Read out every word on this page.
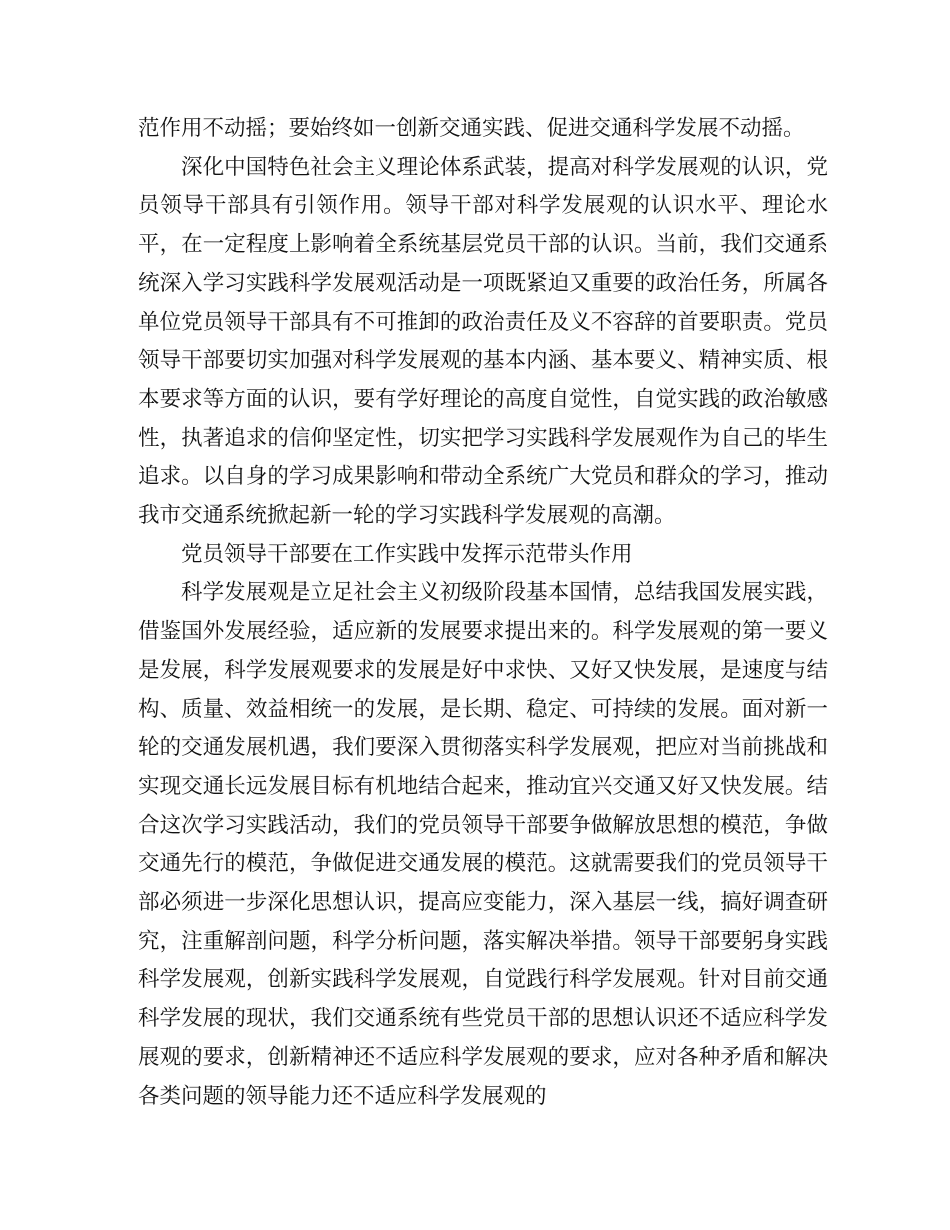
范作用不动摇；要始终如一创新交通实践、促进交通科学发展不动摇。

深化中国特色社会主义理论体系武装，提高对科学发展观的认识，党员领导干部具有引领作用。领导干部对科学发展观的认识水平、理论水平，在一定程度上影响着全系统基层党员干部的认识。当前，我们交通系统深入学习实践科学发展观活动是一项既紧迫又重要的政治任务，所属各单位党员领导干部具有不可推卸的政治责任及义不容辞的首要职责。党员领导干部要切实加强对科学发展观的基本内涵、基本要义、精神实质、根本要求等方面的认识，要有学好理论的高度自觉性，自觉实践的政治敏感性，执著追求的信仰坚定性，切实把学习实践科学发展观作为自己的毕生追求。以自身的学习成果影响和带动全系统广大党员和群众的学习，推动我市交通系统掀起新一轮的学习实践科学发展观的高潮。

党员领导干部要在工作实践中发挥示范带头作用

科学发展观是立足社会主义初级阶段基本国情，总结我国发展实践，借鉴国外发展经验，适应新的发展要求提出来的。科学发展观的第一要义是发展，科学发展观要求的发展是好中求快、又好又快发展，是速度与结构、质量、效益相统一的发展，是长期、稳定、可持续的发展。面对新一轮的交通发展机遇，我们要深入贯彻落实科学发展观，把应对当前挑战和实现交通长远发展目标有机地结合起来，推动宜兴交通又好又快发展。结合这次学习实践活动，我们的党员领导干部要争做解放思想的模范，争做交通先行的模范，争做促进交通发展的模范。这就需要我们的党员领导干部必须进一步深化思想认识，提高应变能力，深入基层一线，搞好调查研究，注重解剖问题，科学分析问题，落实解决举措。领导干部要躬身实践科学发展观，创新实践科学发展观，自觉践行科学发展观。针对目前交通科学发展的现状，我们交通系统有些党员干部的思想认识还不适应科学发展观的要求，创新精神还不适应科学发展观的要求，应对各种矛盾和解决各类问题的领导能力还不适应科学发展观的
